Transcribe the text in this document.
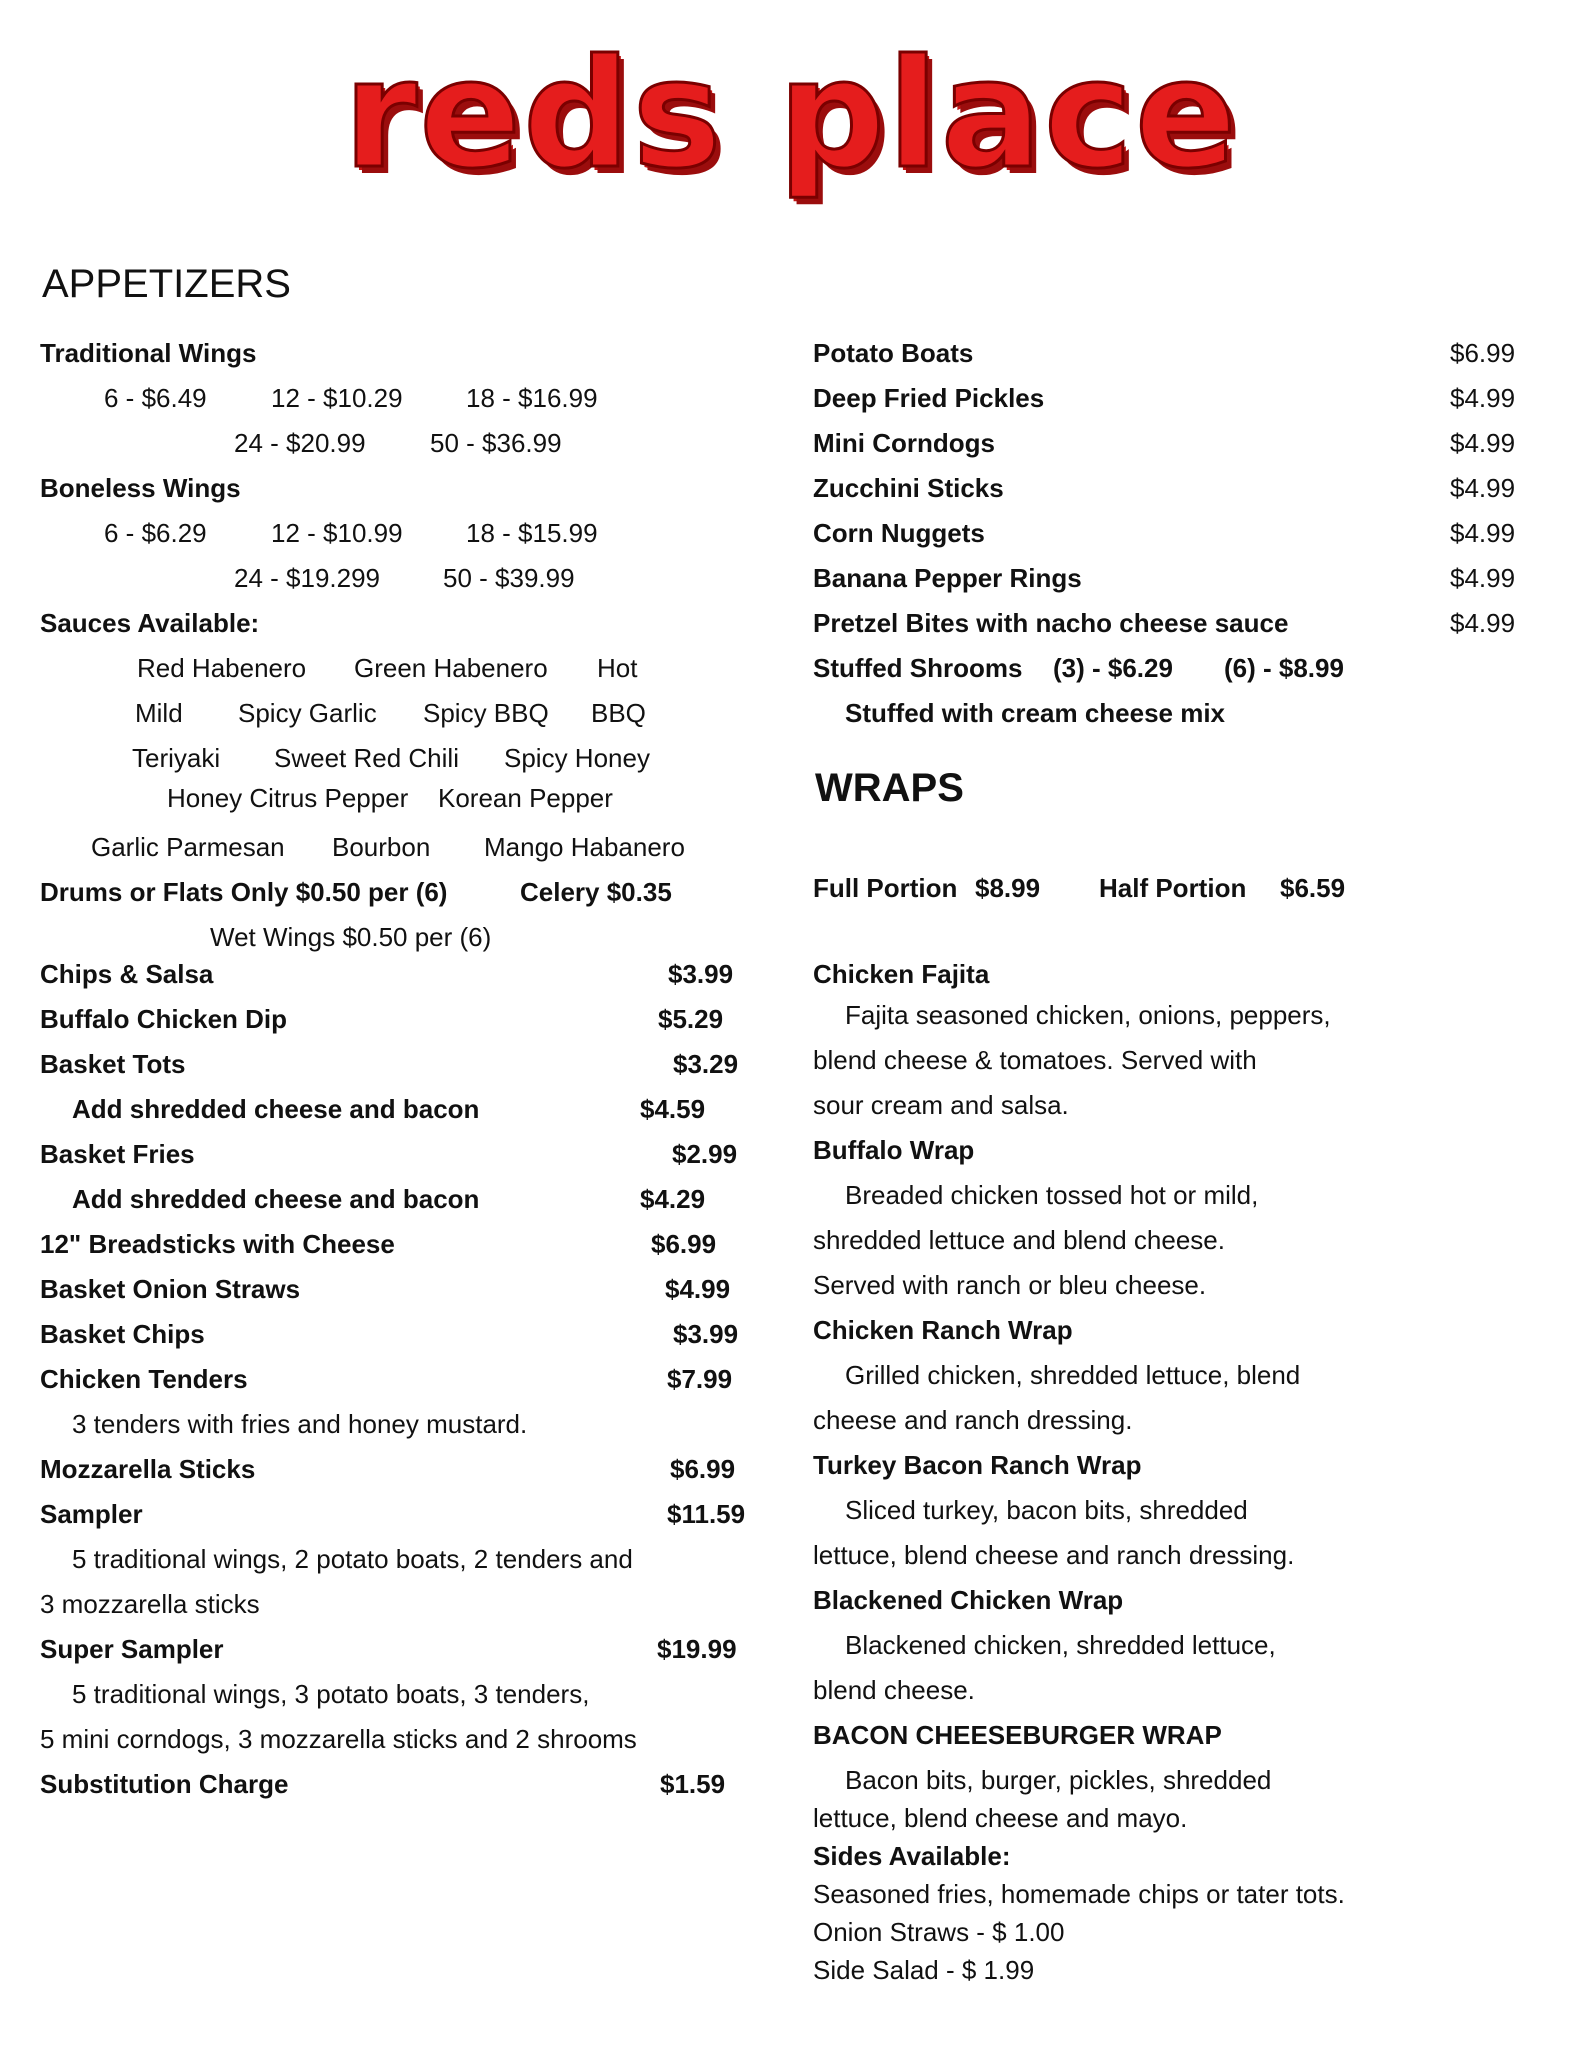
reds place
APPETIZERS
Traditional Wings
6 - $6.49 12 - $10.29 18 - $16.99
24 - $20.99 50 - $36.99
Boneless Wings
6 - $6.29 12 - $10.99 18 - $15.99
24 - $19.299 50 - $39.99
Sauces Available:
Red Habenero Green Habenero Hot
Mild Spicy Garlic Spicy BBQ BBQ
Teriyaki Sweet Red Chili Spicy Honey
Honey Citrus Pepper Korean Pepper
Garlic Parmesan Bourbon Mango Habanero
Drums or Flats Only $0.50 per (6)	Celery $0.35
Wet Wings $0.50 per (6)
Chips & Salsa	$3.99
Buffalo Chicken Dip	$5.29
Basket Tots	$3.29
Add shredded cheese and bacon	$4.59
Basket Fries	$2.99
Add shredded cheese and bacon	$4.29
12" Breadsticks with Cheese	$6.99
Basket Onion Straws	$4.99
Basket Chips	$3.99
Chicken Tenders	$7.99
3 tenders with fries and honey mustard.
Mozzarella Sticks	$6.99
Sampler	$11.59
5 traditional wings, 2 potato boats, 2 tenders and
3 mozzarella sticks
Super Sampler	$19.99
5 traditional wings, 3 potato boats, 3 tenders,
5 mini corndogs, 3 mozzarella sticks and 2 shrooms
Substitution Charge	$1.59
Potato Boats	$6.99
Deep Fried Pickles	$4.99
Mini Corndogs	$4.99
Zucchini Sticks	$4.99
Corn Nuggets	$4.99
Banana Pepper Rings	$4.99
Pretzel Bites with nacho cheese sauce	$4.99
Stuffed Shrooms (3) - $6.29 (6) - $8.99
Stuffed with cream cheese mix
WRAPS
Full Portion $8.99 Half Portion $6.59
Chicken Fajita
Fajita seasoned chicken, onions, peppers,
blend cheese & tomatoes. Served with
sour cream and salsa.
Buffalo Wrap
Breaded chicken tossed hot or mild,
shredded lettuce and blend cheese.
Served with ranch or bleu cheese.
Chicken Ranch Wrap
Grilled chicken, shredded lettuce, blend
cheese and ranch dressing.
Turkey Bacon Ranch Wrap
Sliced turkey, bacon bits, shredded
lettuce, blend cheese and ranch dressing.
Blackened Chicken Wrap
Blackened chicken, shredded lettuce,
blend cheese.
BACON CHEESEBURGER WRAP
Bacon bits, burger, pickles, shredded
lettuce, blend cheese and mayo.
Sides Available:
Seasoned fries, homemade chips or tater tots.
Onion Straws - $ 1.00
Side Salad - $ 1.99
